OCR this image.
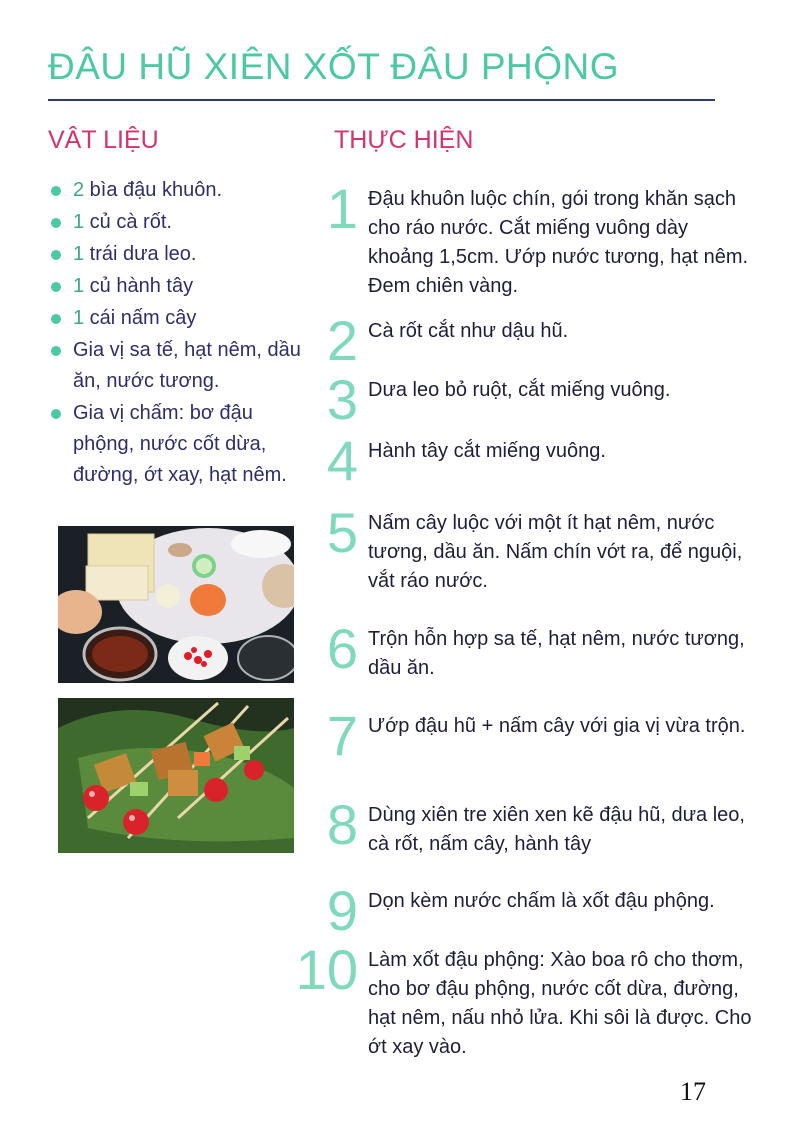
ĐÂU HŨ XIÊN XỐT ĐÂU PHỘNG
VÂT LIỆU	THỰC HIỆN
2 bìa đậu khuôn.
1 củ cà rốt.
1 trái dưa leo.
1 củ hành tây
1 cái nấm cây
Gia vị sa tế, hạt nêm, dầu ăn, nước tương.
Gia vị chấm: bơ đậu phộng, nước cốt dừa, đường, ớt xay, hạt nêm.
1 Đậu khuôn luộc chín, gói trong khăn sạch cho ráo nước. Cắt miếng vuông dày khoảng 1,5cm. Ướp nước tương, hạt nêm. Đem chiên vàng.
2 Cà rốt cắt như dậu hũ.
3 Dưa leo bỏ ruột, cắt miếng vuông.
4 Hành tây cắt miếng vuông.
5 Nấm cây luộc với một ít hạt nêm, nước tương, dầu ăn. Nấm chín vớt ra, để nguội, vắt ráo nước.
6 Trộn hỗn hợp sa tế, hạt nêm, nước tương, dầu ăn.
7 Ướp đậu hũ + nấm cây với gia vị vừa trộn.
8 Dùng xiên tre xiên xen kẽ đậu hũ, dưa leo, cà rốt, nấm cây, hành tây
9 Dọn kèm nước chấm là xốt đậu phộng.
10 Làm xốt đậu phộng: Xào boa rô cho thơm, cho bơ đậu phộng, nước cốt dừa, đường, hạt nêm, nấu nhỏ lửa. Khi sôi là được. Cho ớt xay vào.
17
